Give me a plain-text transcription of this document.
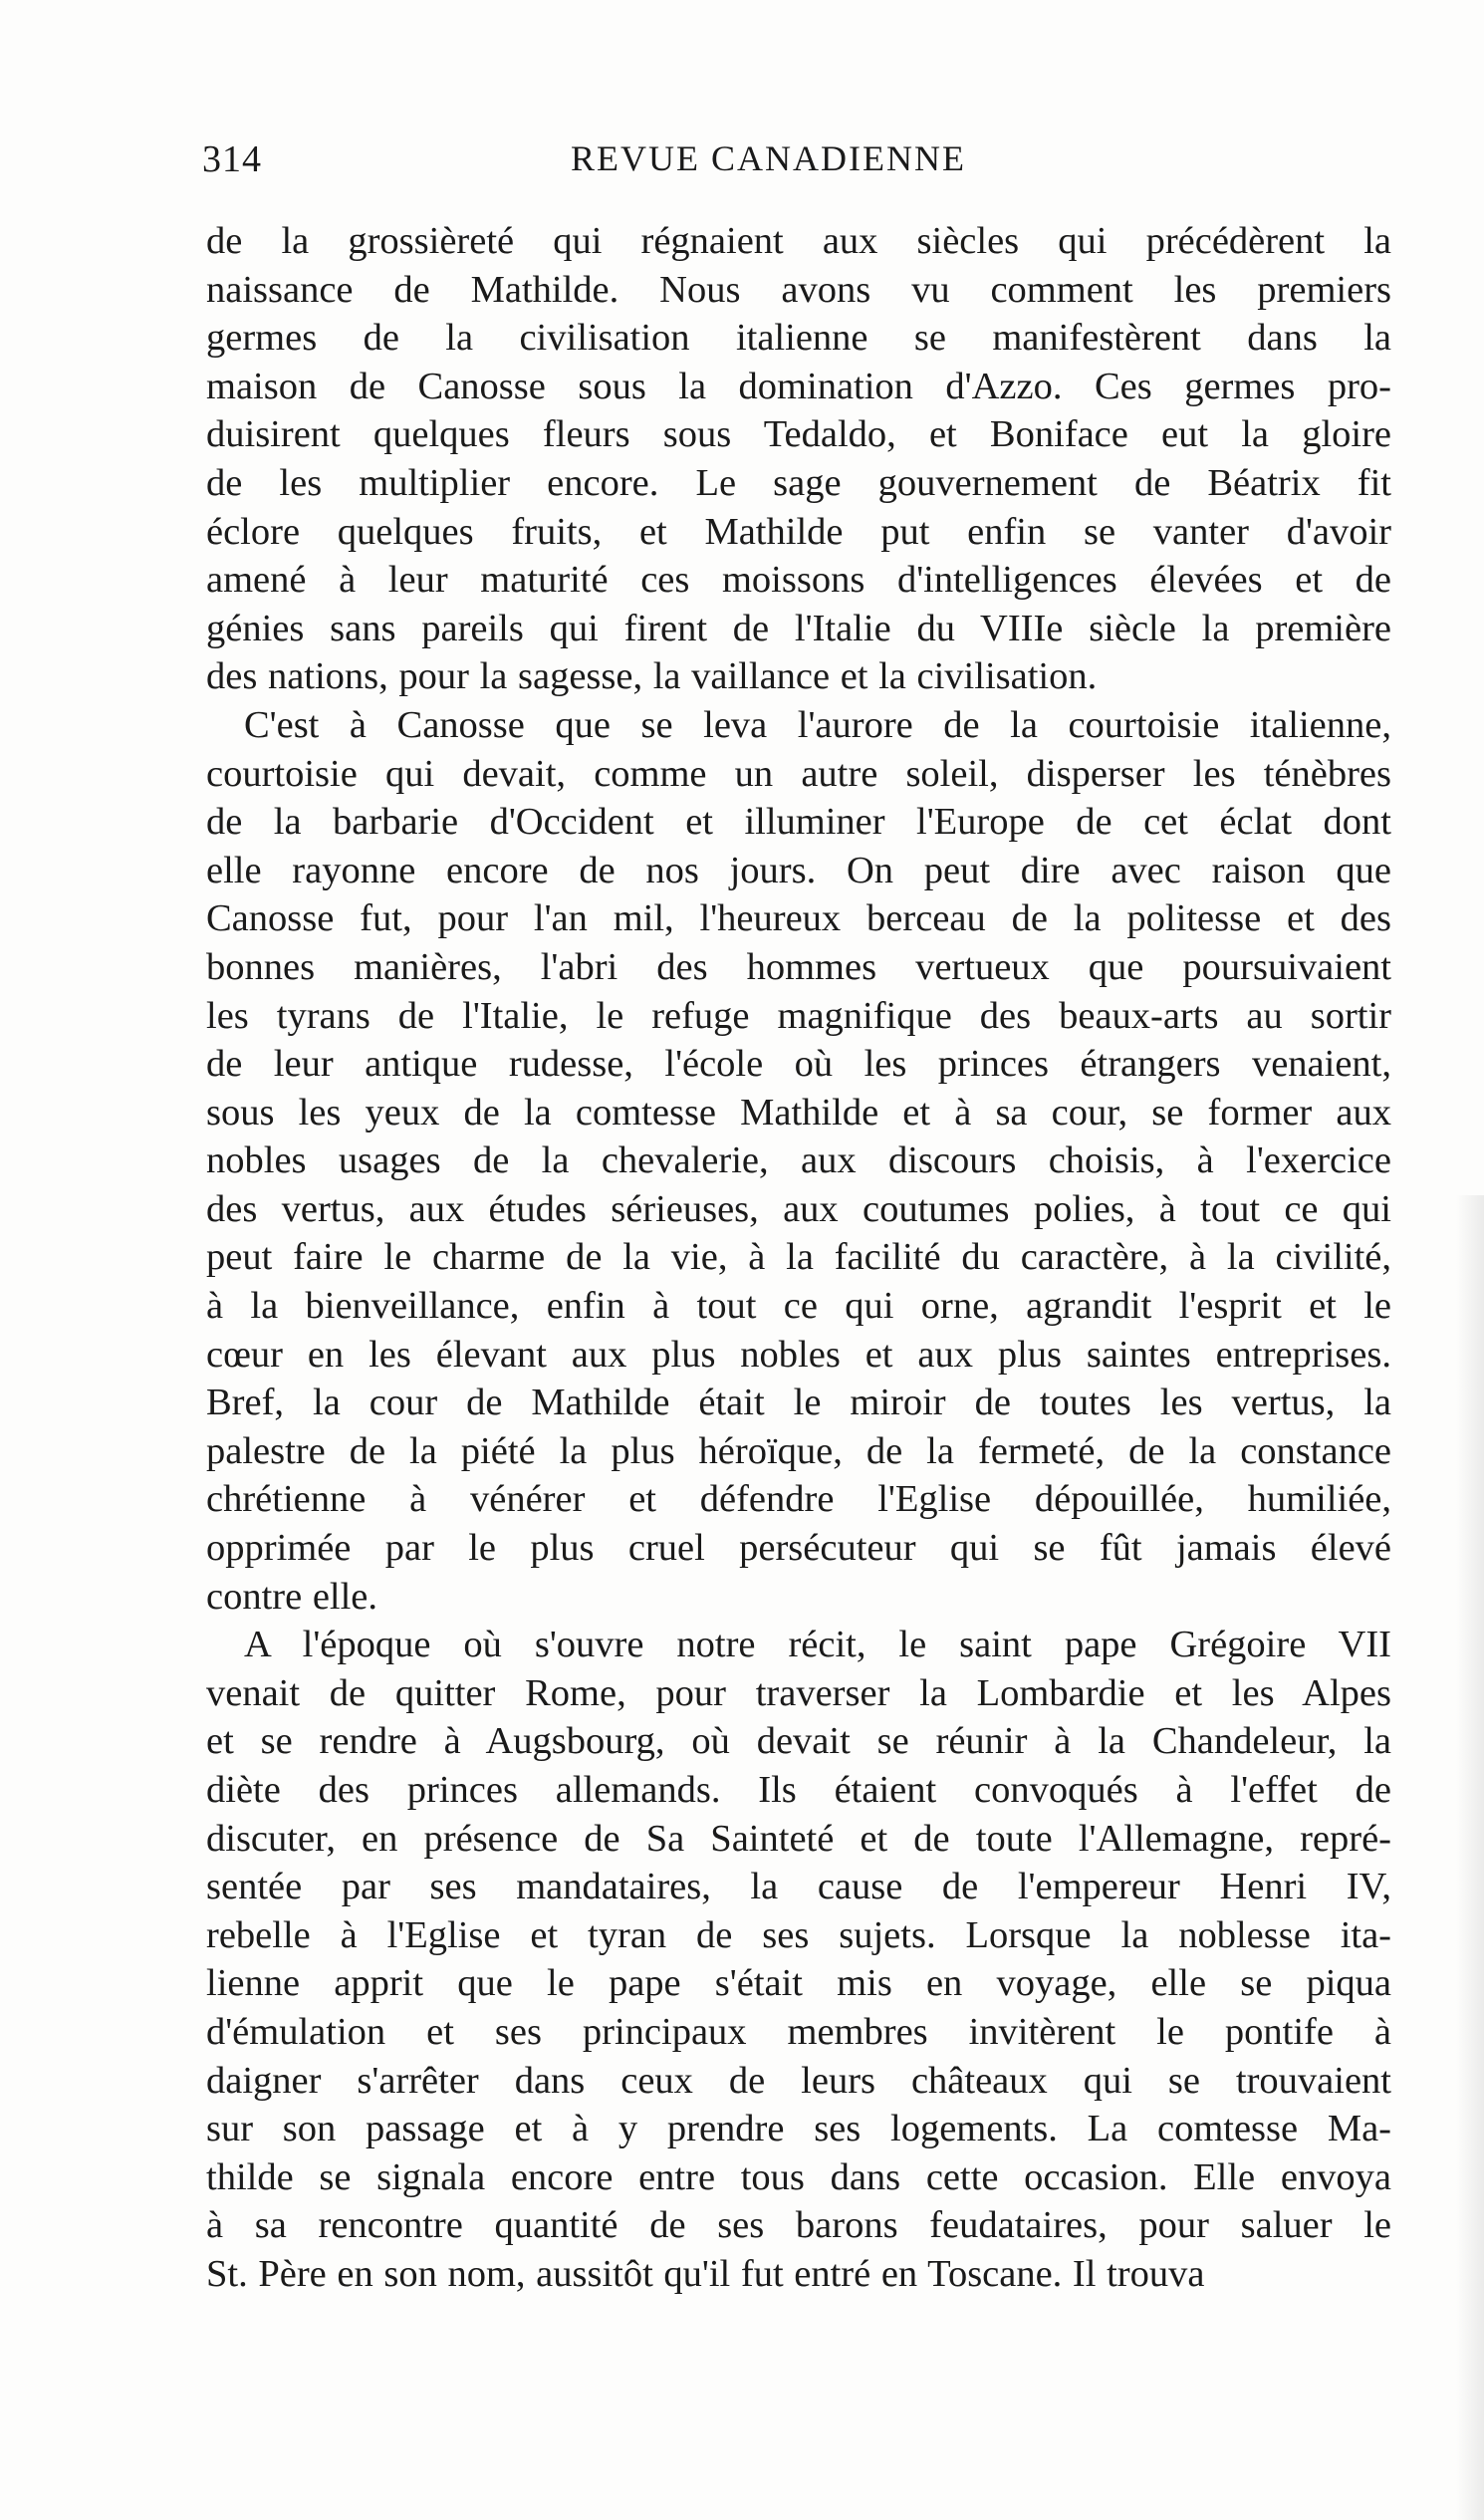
314	REVUE CANADIENNE

de la grossièreté qui régnaient aux siècles qui précédèrent la
naissance de Mathilde. Nous avons vu comment les premiers
germes de la civilisation italienne se manifestèrent dans la
maison de Canosse sous la domination d'Azzo. Ces germes pro-
duisirent quelques fleurs sous Tedaldo, et Boniface eut la gloire
de les multiplier encore. Le sage gouvernement de Béatrix fit
éclore quelques fruits, et Mathilde put enfin se vanter d'avoir
amené à leur maturité ces moissons d'intelligences élevées et de
génies sans pareils qui firent de l'Italie du VIIIe siècle la première
des nations, pour la sagesse, la vaillance et la civilisation.

C'est à Canosse que se leva l'aurore de la courtoisie italienne,
courtoisie qui devait, comme un autre soleil, disperser les ténèbres
de la barbarie d'Occident et illuminer l'Europe de cet éclat dont
elle rayonne encore de nos jours. On peut dire avec raison que
Canosse fut, pour l'an mil, l'heureux berceau de la politesse et des
bonnes manières, l'abri des hommes vertueux que poursuivaient
les tyrans de l'Italie, le refuge magnifique des beaux-arts au sortir
de leur antique rudesse, l'école où les princes étrangers venaient,
sous les yeux de la comtesse Mathilde et à sa cour, se former aux
nobles usages de la chevalerie, aux discours choisis, à l'exercice
des vertus, aux études sérieuses, aux coutumes polies, à tout ce qui
peut faire le charme de la vie, à la facilité du caractère, à la civilité,
à la bienveillance, enfin à tout ce qui orne, agrandit l'esprit et le
cœur en les élevant aux plus nobles et aux plus saintes entreprises.
Bref, la cour de Mathilde était le miroir de toutes les vertus, la
palestre de la piété la plus héroïque, de la fermeté, de la constance
chrétienne à vénérer et défendre l'Eglise dépouillée, humiliée,
opprimée par le plus cruel persécuteur qui se fût jamais élevé
contre elle.

A l'époque où s'ouvre notre récit, le saint pape Grégoire VII
venait de quitter Rome, pour traverser la Lombardie et les Alpes
et se rendre à Augsbourg, où devait se réunir à la Chandeleur, la
diète des princes allemands. Ils étaient convoqués à l'effet de
discuter, en présence de Sa Sainteté et de toute l'Allemagne, repré-
sentée par ses mandataires, la cause de l'empereur Henri IV,
rebelle à l'Eglise et tyran de ses sujets. Lorsque la noblesse ita-
lienne apprit que le pape s'était mis en voyage, elle se piqua
d'émulation et ses principaux membres invitèrent le pontife à
daigner s'arrêter dans ceux de leurs châteaux qui se trouvaient
sur son passage et à y prendre ses logements. La comtesse Ma-
thilde se signala encore entre tous dans cette occasion. Elle envoya
à sa rencontre quantité de ses barons feudataires, pour saluer le
St. Père en son nom, aussitôt qu'il fut entré en Toscane. Il trouva
